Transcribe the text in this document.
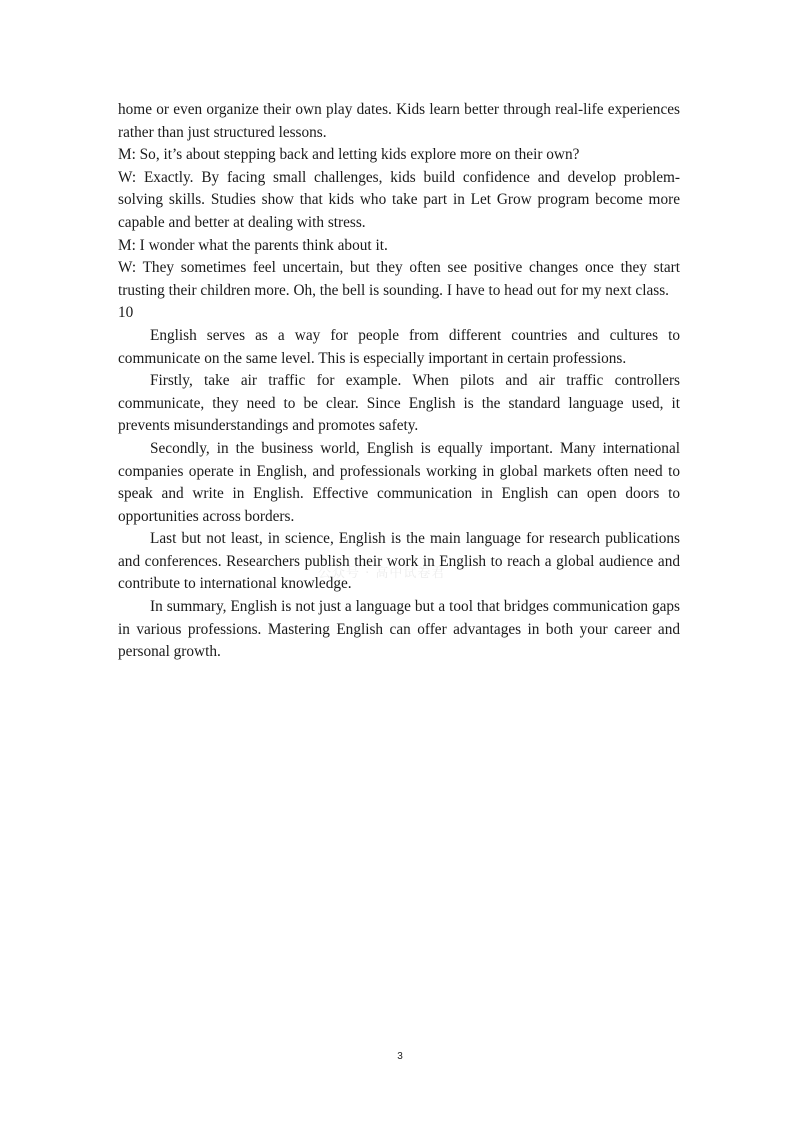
home or even organize their own play dates. Kids learn better through real-life experiences rather than just structured lessons.

M: So, it’s about stepping back and letting kids explore more on their own?

W: Exactly. By facing small challenges, kids build confidence and develop problem-solving skills. Studies show that kids who take part in Let Grow program become more capable and better at dealing with stress.

M: I wonder what the parents think about it.

W: They sometimes feel uncertain, but they often see positive changes once they start trusting their children more. Oh, the bell is sounding. I have to head out for my next class.

10

English serves as a way for people from different countries and cultures to communicate on the same level. This is especially important in certain professions.

Firstly, take air traffic for example. When pilots and air traffic controllers communicate, they need to be clear. Since English is the standard language used, it prevents misunderstandings and promotes safety.

Secondly, in the business world, English is equally important. Many international companies operate in English, and professionals working in global markets often need to speak and write in English. Effective communication in English can open doors to opportunities across borders.

Last but not least, in science, English is the main language for research publications and conferences. Researchers publish their work in English to reach a global audience and contribute to international knowledge.

In summary, English is not just a language but a tool that bridges communication gaps in various professions. Mastering English can offer advantages in both your career and personal growth.

公众号 · 高中试卷君
3
